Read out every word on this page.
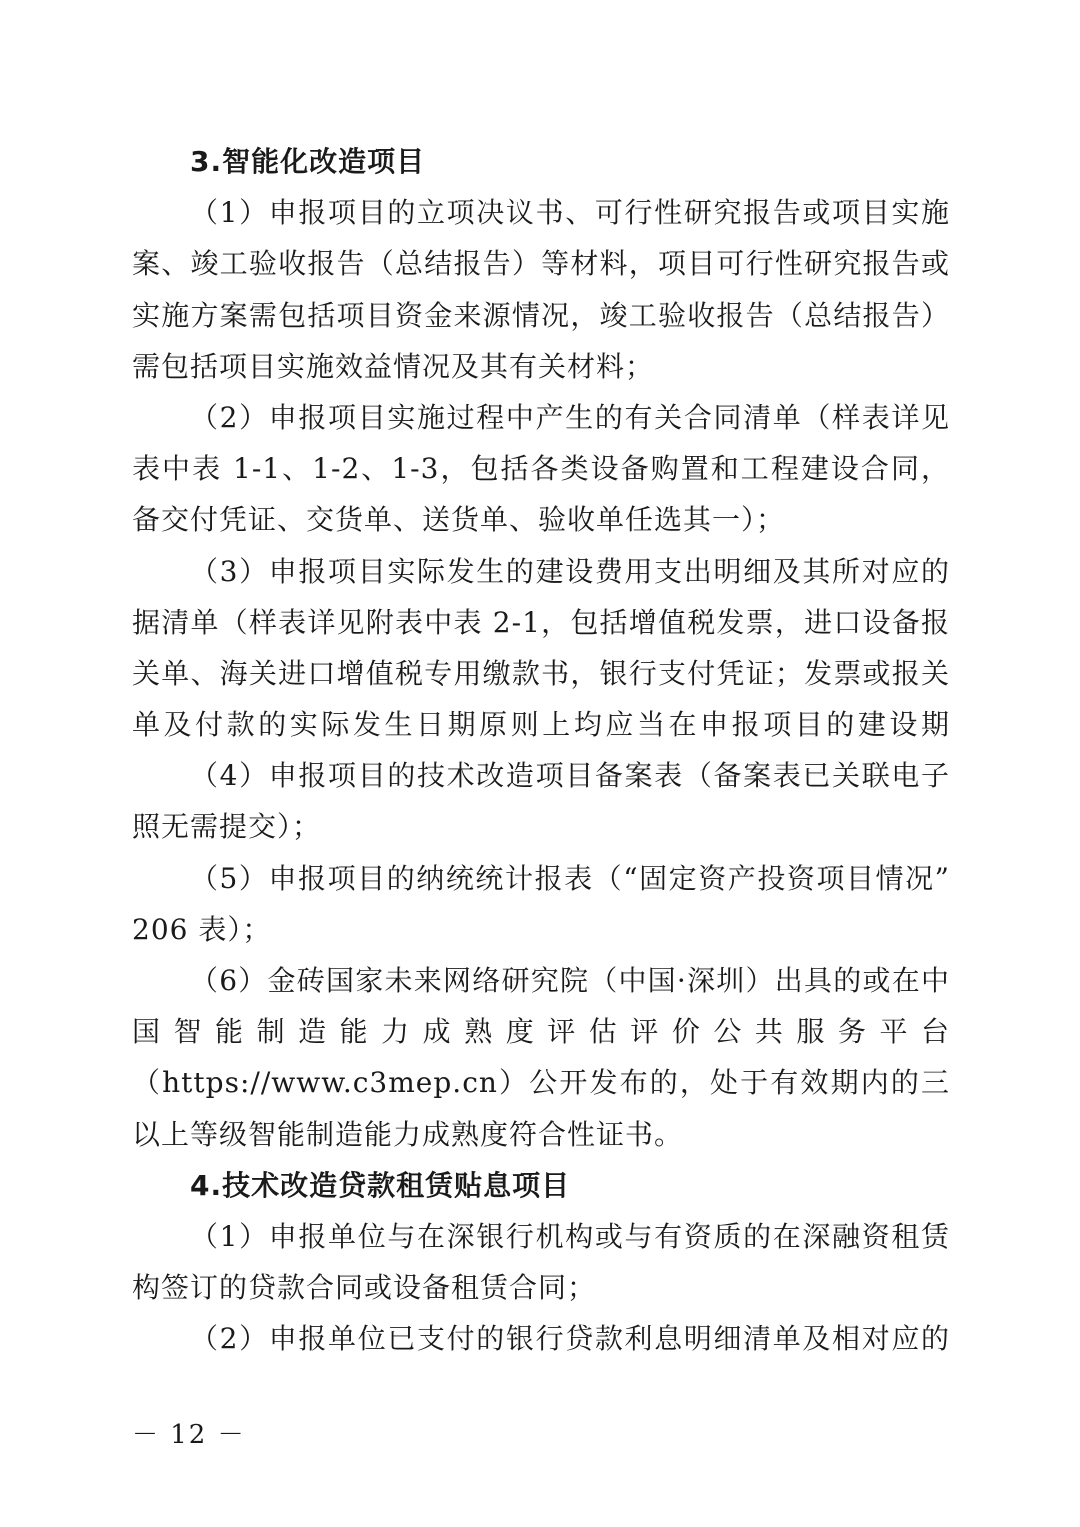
3.智能化改造项目
（1）申报项目的立项决议书、可行性研究报告或项目实施
案、竣工验收报告（总结报告）等材料，项目可行性研究报告或
实施方案需包括项目资金来源情况，竣工验收报告（总结报告）
需包括项目实施效益情况及其有关材料；
（2）申报项目实施过程中产生的有关合同清单（样表详见
表中表 1-1、1-2、1-3，包括各类设备购置和工程建设合同，
备交付凭证、交货单、送货单、验收单任选其一）；
（3）申报项目实际发生的建设费用支出明细及其所对应的
据清单（样表详见附表中表 2-1，包括增值税发票，进口设备报
关单、海关进口增值税专用缴款书，银行支付凭证；发票或报关
单及付款的实际发生日期原则上均应当在申报项目的建设期
（4）申报项目的技术改造项目备案表（备案表已关联电子
照无需提交）；
（5）申报项目的纳统统计报表（“固定资产投资项目情况”
206 表）；
（6）金砖国家未来网络研究院（中国·深圳）出具的或在中
国 智 能 制 造 能 力 成 熟 度 评 估 评 价 公 共 服 务 平 台
（https://www.c3mep.cn）公开发布的，处于有效期内的三
以上等级智能制造能力成熟度符合性证书。
4.技术改造贷款租赁贴息项目
（1）申报单位与在深银行机构或与有资质的在深融资租赁
构签订的贷款合同或设备租赁合同；
（2）申报单位已支付的银行贷款利息明细清单及相对应的
－ 12 －
